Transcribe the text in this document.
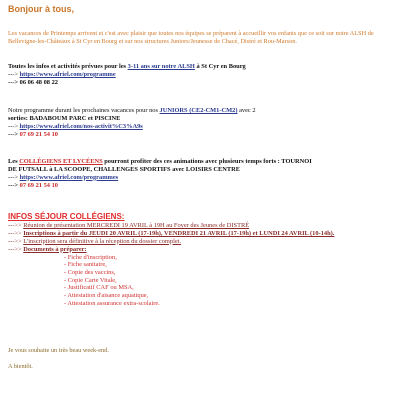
Bonjour à tous,
Les vacances de Printemps arrivent et c'est avec plaisir que toutes nos équipes se préparent à accueillir vos enfants que ce soit sur notre ALSH de Bellevigne-les-Châteaux à St Cyr en Bourg et sur nos structures Juniors/Jeunesse de Chacé, Distré et Rou-Marson.
Toutes les infos et activités prévues pour les 3-11 ans sur notre ALSH à St Cyr en Bourg
---> https://www.afriel.com/programme
---> 06 06 48 08 22
Notre programme durant les prochaines vacances pour nos JUNIORS (CE2-CM1-CM2) avec 2
sorties: BADABOUM PARC et PISCINE
---> https://www.afriel.com/nos-activit%C3%A9s
---> 07 69 21 54 10
Les COLLÉGIENS ET LYCÉENS pourront profiter des ces animations avec plusieurs temps forts : TOURNOI
DE FUTSALL à LA SCOOPE, CHALLENGES SPORTIFS avec LOISIRS CENTRE
---> https://www.afriel.com/programmes
---> 07 69 21 54 10
INFOS SÉJOUR COLLÉGIENS:
--->> Réunion de présentation MERCREDI 19 AVRIL à 19H au Foyer des Jeunes de DISTRÉ
--->> Inscriptions à partir du JEUDI 20 AVRIL (17-19h), VENDREDI 21 AVRIL (17-19h) et LUNDI 24 AVRIL (10-14h).
--->> L'inscription sera définitive à la réception du dossier complet.
--->> Documents à préparer:
- Fiche d'inscription,
- Fiche sanitaire,
- Copie des vaccins,
- Copie Carte Vitale,
- Justificatif CAF ou MSA,
- Attestation d'aisance aquatique,
- Attestation assurance extra-scolaire.
Je vous souhaite un très beau week-end.
A bientôt.
